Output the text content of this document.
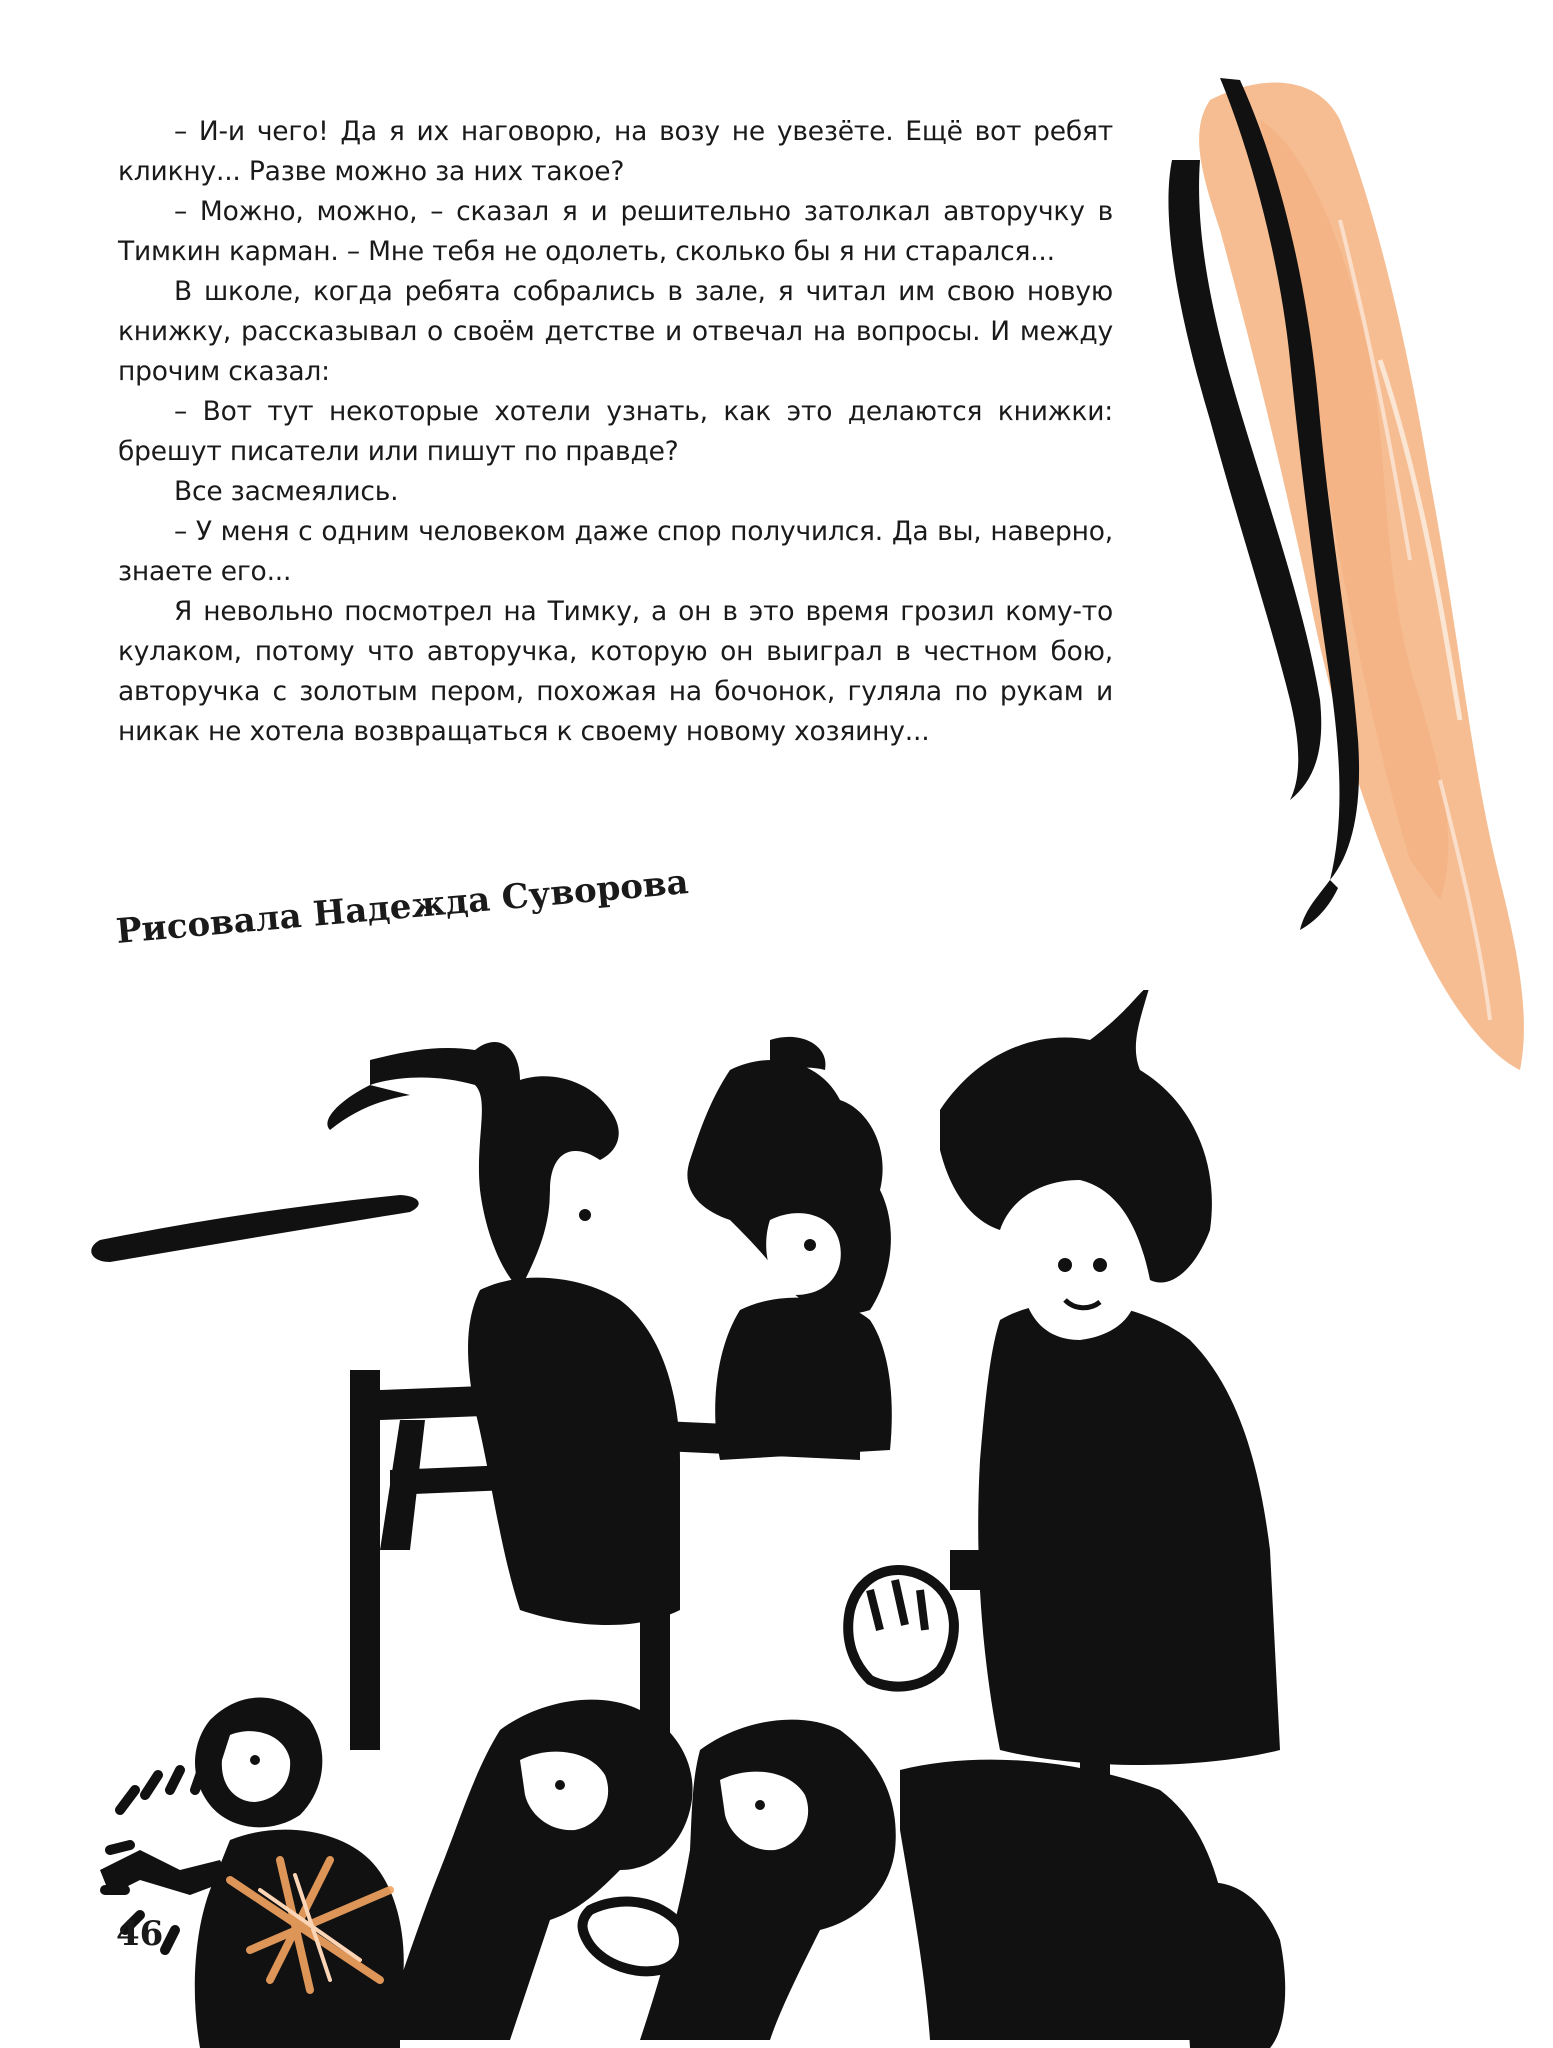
– И-и чего! Да я их наговорю, на возу не увезёте. Ещё вот ребят кликну... Разве можно за них такое?

– Можно, можно, – сказал я и решительно затолкал авторучку в Тимкин карман. – Мне тебя не одолеть, сколько бы я ни старался...

В школе, когда ребята собрались в зале, я читал им свою новую книжку, рассказывал о своём детстве и отвечал на вопросы. И между прочим сказал:

– Вот тут некоторые хотели узнать, как это делаются книжки: брешут писатели или пишут по правде?

Все засмеялись.

– У меня с одним человеком даже спор получился. Да вы, наверно, знаете его...

Я невольно посмотрел на Тимку, а он в это время грозил кому-то кулаком, потому что авторучка, которую он выиграл в честном бою, авторучка с золотым пером, похожая на бочонок, гуляла по рукам и никак не хотела возвращаться к своему новому хозяину...

Рисовала Надежда Суворова
46
